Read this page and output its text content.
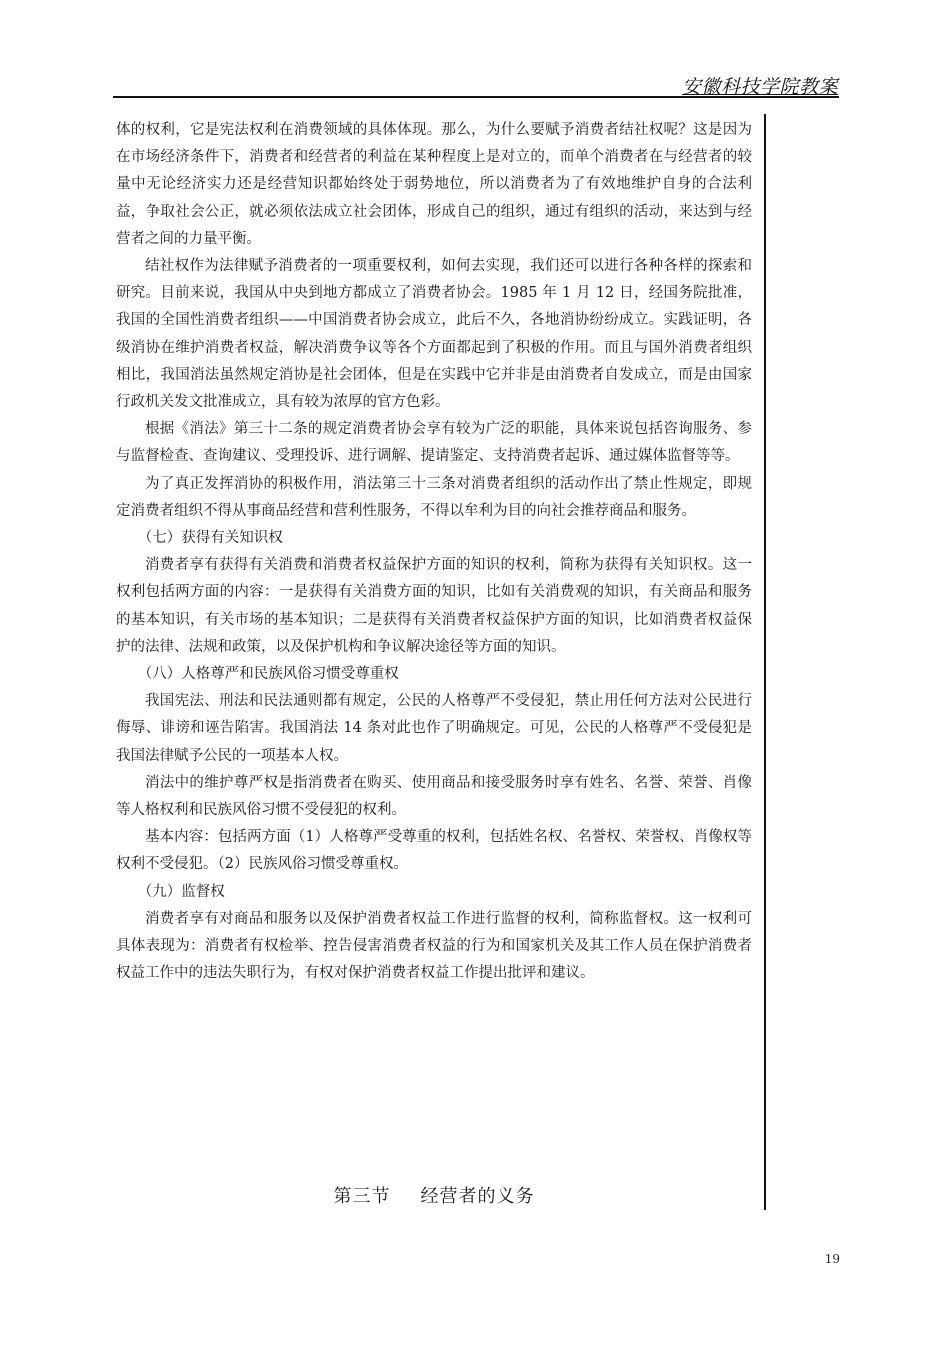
安徽科技学院教案

体的权利，它是宪法权利在消费领域的具体体现。那么，为什么要赋予消费者结社权呢？这是因为在市场经济条件下，消费者和经营者的利益在某种程度上是对立的，而单个消费者在与经营者的较量中无论经济实力还是经营知识都始终处于弱势地位，所以消费者为了有效地维护自身的合法利益，争取社会公正，就必须依法成立社会团体，形成自己的组织，通过有组织的活动，来达到与经营者之间的力量平衡。

结社权作为法律赋予消费者的一项重要权利，如何去实现，我们还可以进行各种各样的探索和研究。目前来说，我国从中央到地方都成立了消费者协会。1985 年 1 月 12 日，经国务院批准，我国的全国性消费者组织——中国消费者协会成立，此后不久，各地消协纷纷成立。实践证明，各级消协在维护消费者权益，解决消费争议等各个方面都起到了积极的作用。而且与国外消费者组织相比，我国消法虽然规定消协是社会团体，但是在实践中它并非是由消费者自发成立，而是由国家行政机关发文批准成立，具有较为浓厚的官方色彩。

根据《消法》第三十二条的规定消费者协会享有较为广泛的职能，具体来说包括咨询服务、参与监督检查、查询建议、受理投诉、进行调解、提请鉴定、支持消费者起诉、通过媒体监督等等。

为了真正发挥消协的积极作用，消法第三十三条对消费者组织的活动作出了禁止性规定，即规定消费者组织不得从事商品经营和营利性服务，不得以牟利为目的向社会推荐商品和服务。

（七）获得有关知识权

消费者享有获得有关消费和消费者权益保护方面的知识的权利，简称为获得有关知识权。这一权利包括两方面的内容：一是获得有关消费方面的知识，比如有关消费观的知识，有关商品和服务的基本知识，有关市场的基本知识；二是获得有关消费者权益保护方面的知识，比如消费者权益保护的法律、法规和政策，以及保护机构和争议解决途径等方面的知识。

（八）人格尊严和民族风俗习惯受尊重权

我国宪法、刑法和民法通则都有规定，公民的人格尊严不受侵犯，禁止用任何方法对公民进行侮辱、诽谤和诬告陷害。我国消法 14 条对此也作了明确规定。可见，公民的人格尊严不受侵犯是我国法律赋予公民的一项基本人权。

消法中的维护尊严权是指消费者在购买、使用商品和接受服务时享有姓名、名誉、荣誉、肖像等人格权利和民族风俗习惯不受侵犯的权利。

基本内容：包括两方面（1）人格尊严受尊重的权利，包括姓名权、名誉权、荣誉权、肖像权等权利不受侵犯。（2）民族风俗习惯受尊重权。

（九）监督权

消费者享有对商品和服务以及保护消费者权益工作进行监督的权利，简称监督权。这一权利可具体表现为：消费者有权检举、控告侵害消费者权益的行为和国家机关及其工作人员在保护消费者权益工作中的违法失职行为，有权对保护消费者权益工作提出批评和建议。

第三节 经营者的义务
19
